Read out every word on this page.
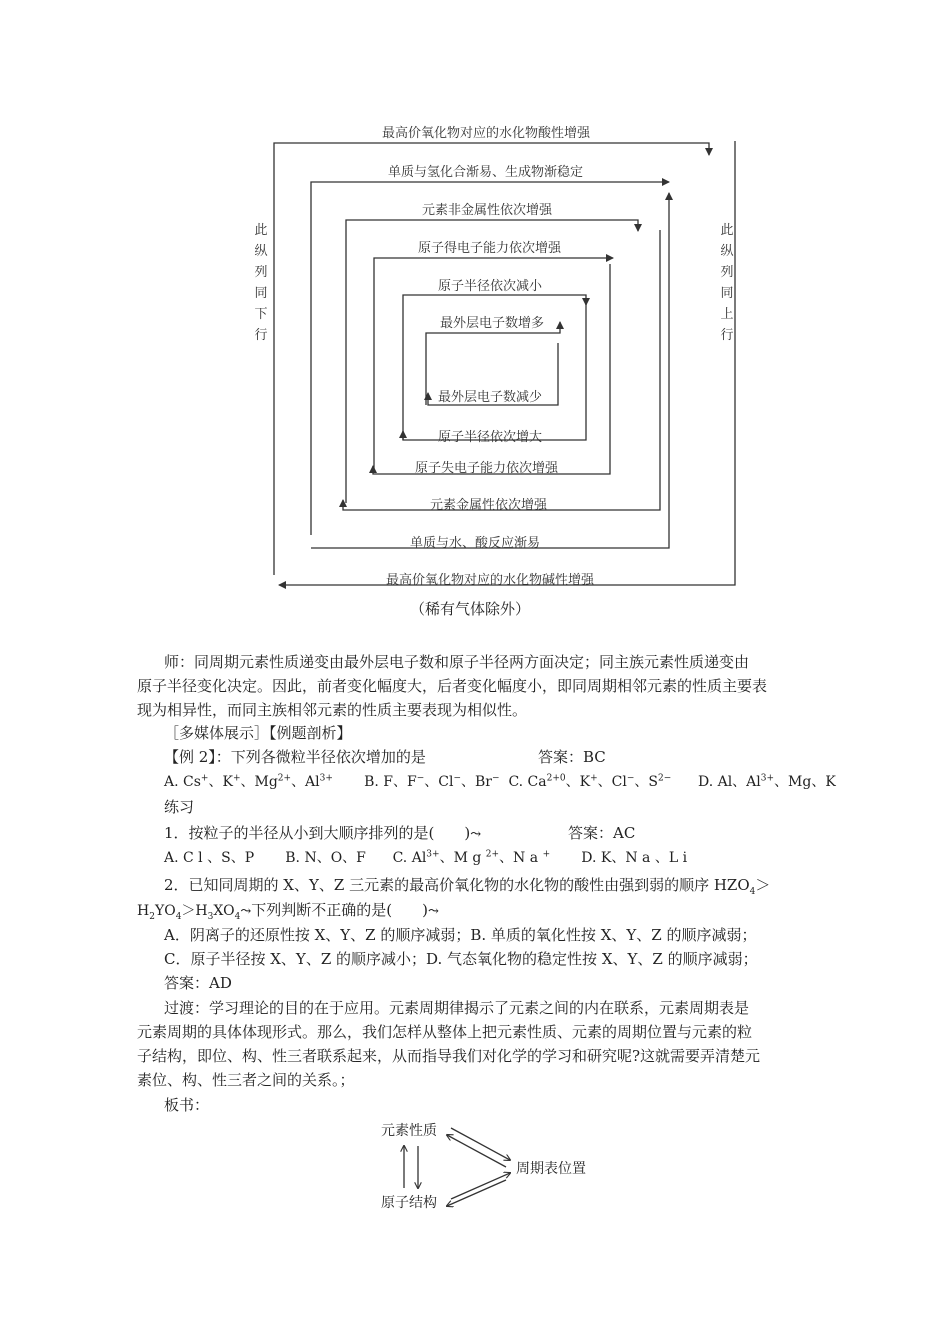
最高价氧化物对应的水化物酸性增强
单质与氢化合渐易、生成物渐稳定
元素非金属性依次增强
原子得电子能力依次增强
原子半径依次减小
最外层电子数增多
最外层电子数减少
原子半径依次增大
原子失电子能力依次增强
元素金属性依次增强
单质与水、酸反应渐易
最高价氧化物对应的水化物碱性增强
此纵列同下行
此纵列同上行
（稀有气体除外）
师：同周期元素性质递变由最外层电子数和原子半径两方面决定；同主族元素性质递变由
原子半径变化决定。因此，前者变化幅度大，后者变化幅度小，即同周期相邻元素的性质主要表
现为相异性，而同主族相邻元素的性质主要表现为相似性。
［多媒体展示］【例题剖析】
【例 2】：下列各微粒半径依次增加的是	答案：BC
A. Cs+、K+、$Mg^{2+}$、$Al^{3+}$       B. F、F−、Cl−、Br−  C. $Ca^{2+0}$、K+、Cl−、$S^{2-}$      D. Al、$Al^{3+}$、Mg、K
练习
1．按粒子的半径从小到大顺序排列的是(　　)⤳	答案：AC
A. C l 、S、P       B. N、O、F      C. $Al^{3+}$、M g $^{2+}$、N a +       D. K、N a 、L i
2．已知同周期的 X、Y、Z 三元素的最高价氧化物的水化物的酸性由强到弱的顺序 $HZO_4>$
$H_2YO_4>H_3XO_4⤳$下列判断不正确的是(　　)⤳
A．阴离子的还原性按 X、Y、Z 的顺序减弱；B. 单质的氧化性按 X、Y、Z 的顺序减弱；
C．原子半径按 X、Y、Z 的顺序减小；D. 气态氧化物的稳定性按 X、Y、Z 的顺序减弱；
答案：AD
过渡：学习理论的目的在于应用。元素周期律揭示了元素之间的内在联系，元素周期表是
元素周期的具体体现形式。那么，我们怎样从整体上把元素性质、元素的周期位置与元素的粒
子结构，即位、构、性三者联系起来，从而指导我们对化学的学习和研究呢?这就需要弄清楚元
素位、构、性三者之间的关系。；
板书：
元素性质
原子结构
周期表位置
